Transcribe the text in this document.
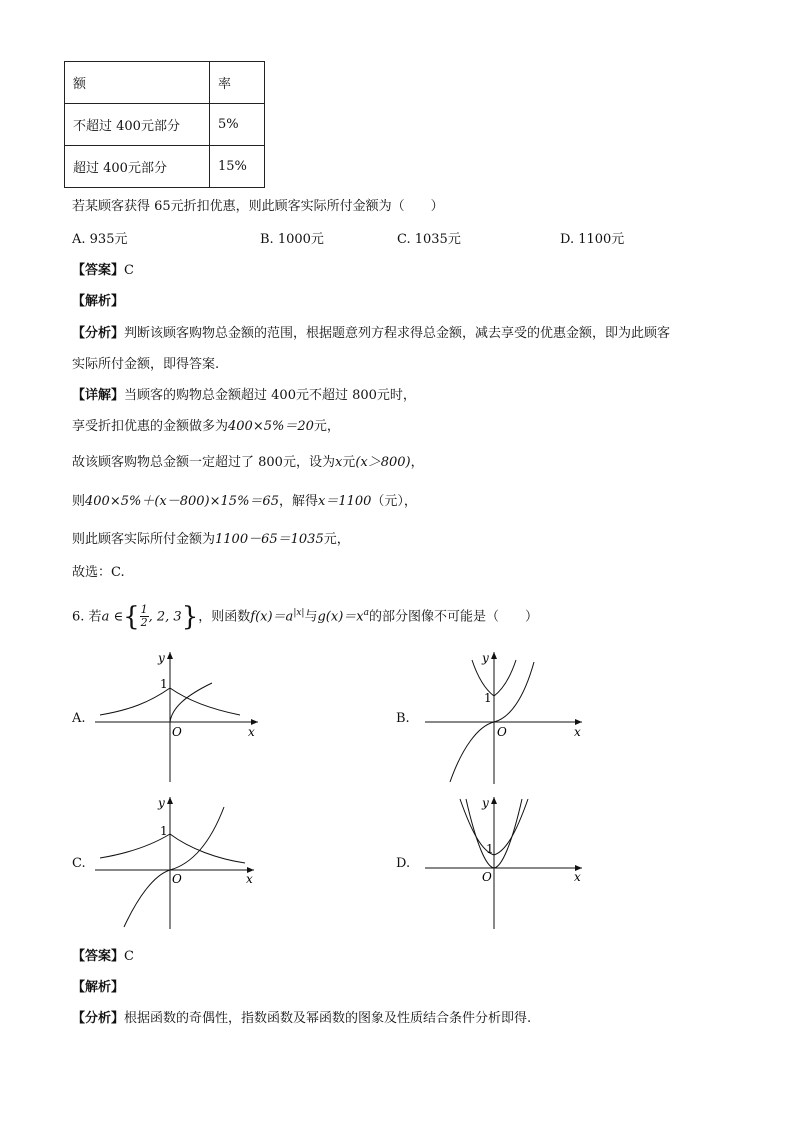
额	率
不超过 400元部分	5%
超过 400元部分	15%
若某顾客获得 65元折扣优惠，则此顾客实际所付金额为（　　）
A. 935元	B. 1000元	C. 1035元	D. 1100元
【答案】C
【解析】
【分析】判断该顾客购物总金额的范围，根据题意列方程求得总金额，减去享受的优惠金额，即为此顾客
实际所付金额，即得答案.
【详解】当顾客的购物总金额超过 400元不超过 800元时，
享受折扣优惠的金额做多为400×5%＝20元，
故该顾客购物总金额一定超过了 800元，设为x元(x＞800)，
则400×5%＋(x－800)×15%＝65，解得x＝1100（元），
则此顾客实际所付金额为1100－65＝1035元，
故选：C.
6. 若a ∈{ $\frac{1}{2}$ , 2, 3}，则函数$f(x)=a^{|x|}$与$g(x)=x^a$的部分图像不可能是（　　）
A.	B.
C.	D.
y
x
O
1
y
x
O
1
y
x
O
1
y
x
O
1
【答案】C
【解析】
【分析】根据函数的奇偶性，指数函数及幂函数的图象及性质结合条件分析即得.
